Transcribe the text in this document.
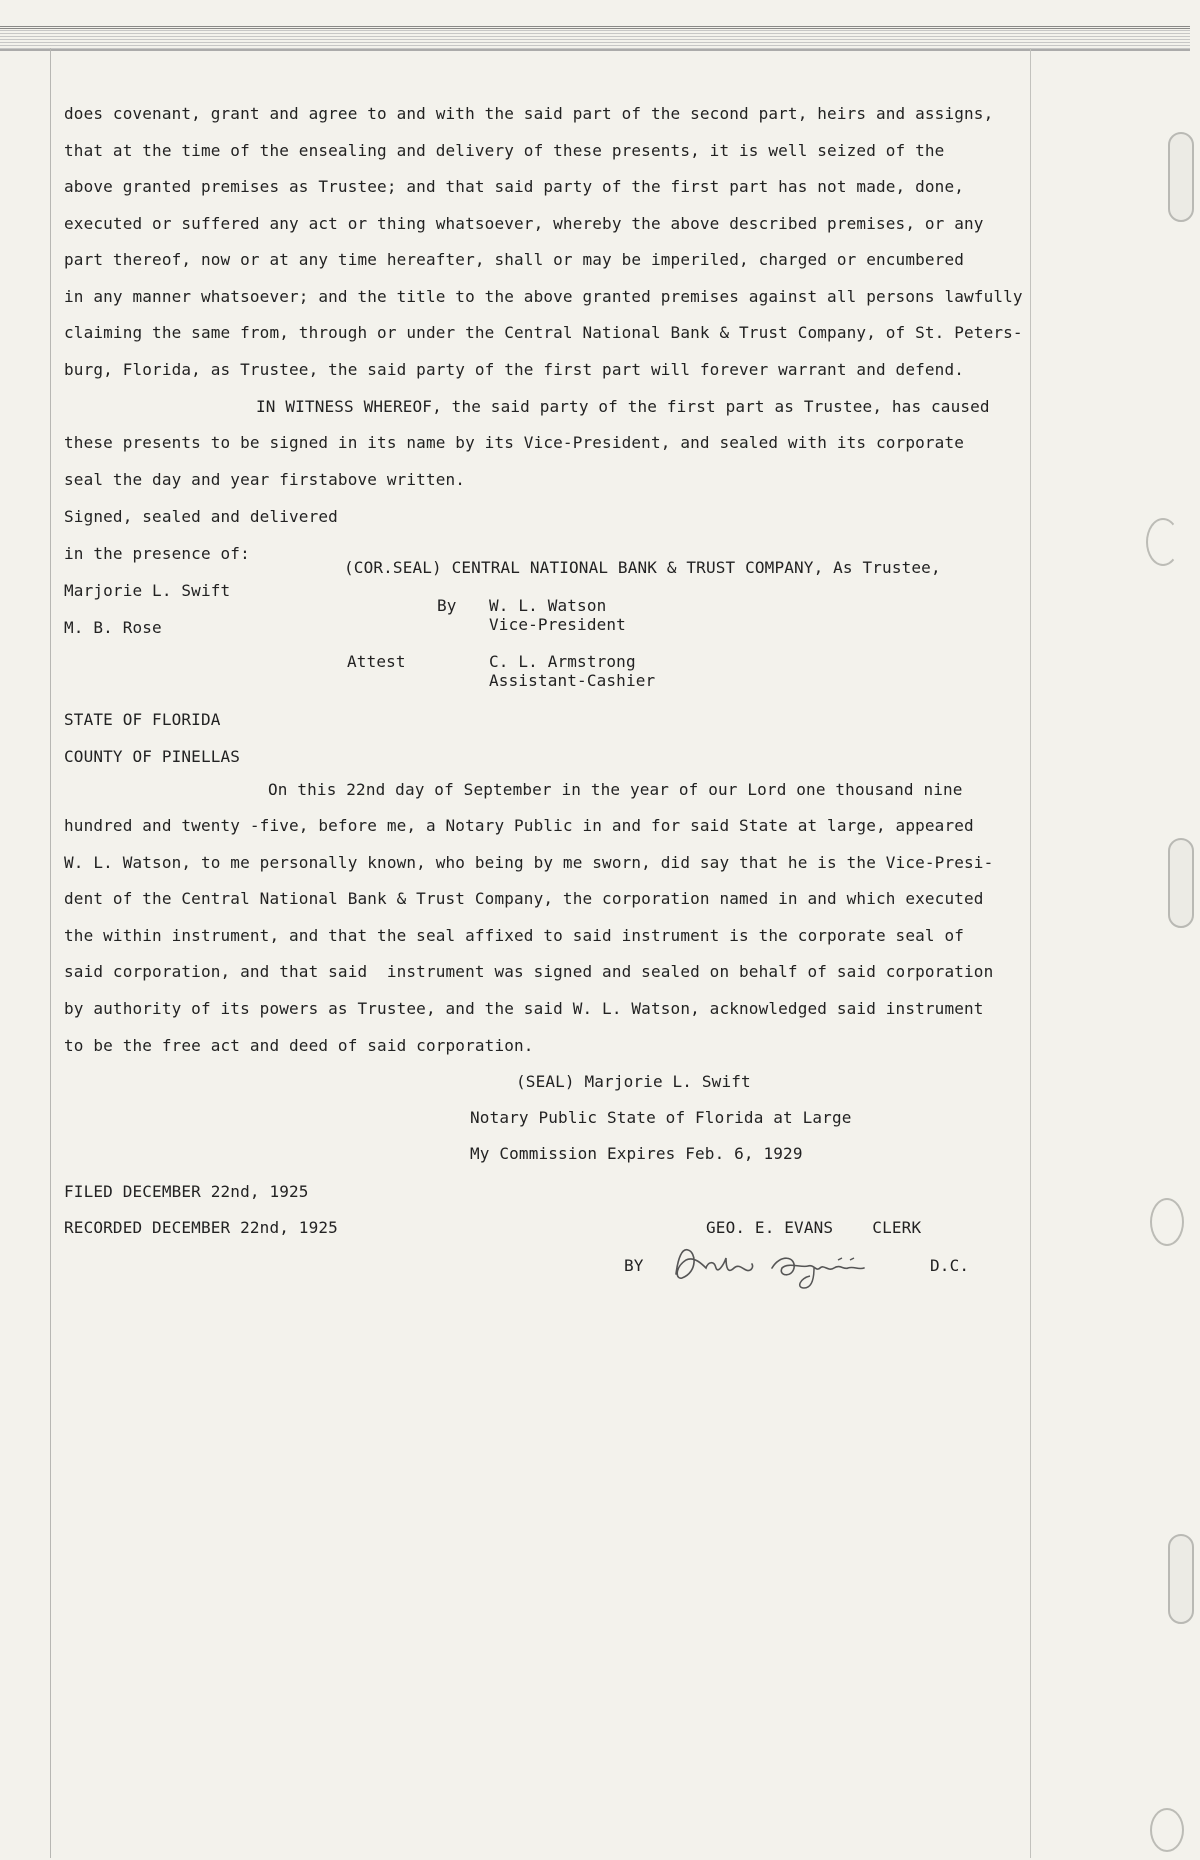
does covenant, grant and agree to and with the said part of the second part, heirs and assigns,
that at the time of the ensealing and delivery of these presents, it is well seized of the
above granted premises as Trustee; and that said party of the first part has not made, done,
executed or suffered any act or thing whatsoever, whereby the above described premises, or any
part thereof, now or at any time hereafter, shall or may be imperiled, charged or encumbered
in any manner whatsoever; and the title to the above granted premises against all persons lawfully
claiming the same from, through or under the Central National Bank & Trust Company, of St. Peters-
burg, Florida, as Trustee, the said party of the first part will forever warrant and defend.
IN WITNESS WHEREOF, the said party of the first part as Trustee, has caused
these presents to be signed in its name by its Vice-President, and sealed with its corporate
seal the day and year firstabove written.
Signed, sealed and delivered
in the presence of:
(COR.SEAL) CENTRAL NATIONAL BANK & TRUST COMPANY, As Trustee,
Marjorie L. Swift
By W. L. Watson
Vice-President
M. B. Rose
Attest	C. L. Armstrong
Assistant-Cashier
STATE OF FLORIDA
COUNTY OF PINELLAS
On this 22nd day of September in the year of our Lord one thousand nine
hundred and twenty -five, before me, a Notary Public in and for said State at large, appeared
W. L. Watson, to me personally known, who being by me sworn, did say that he is the Vice-Presi-
dent of the Central National Bank & Trust Company, the corporation named in and which executed
the within instrument, and that the seal affixed to said instrument is the corporate seal of
said corporation, and that said  instrument was signed and sealed on behalf of said corporation
by authority of its powers as Trustee, and the said W. L. Watson, acknowledged said instrument
to be the free act and deed of said corporation.
(SEAL) Marjorie L. Swift
Notary Public State of Florida at Large
My Commission Expires Feb. 6, 1929
FILED DECEMBER 22nd, 1925
RECORDED DECEMBER 22nd, 1925	GEO. E. EVANS    CLERK
BY	D.C.
